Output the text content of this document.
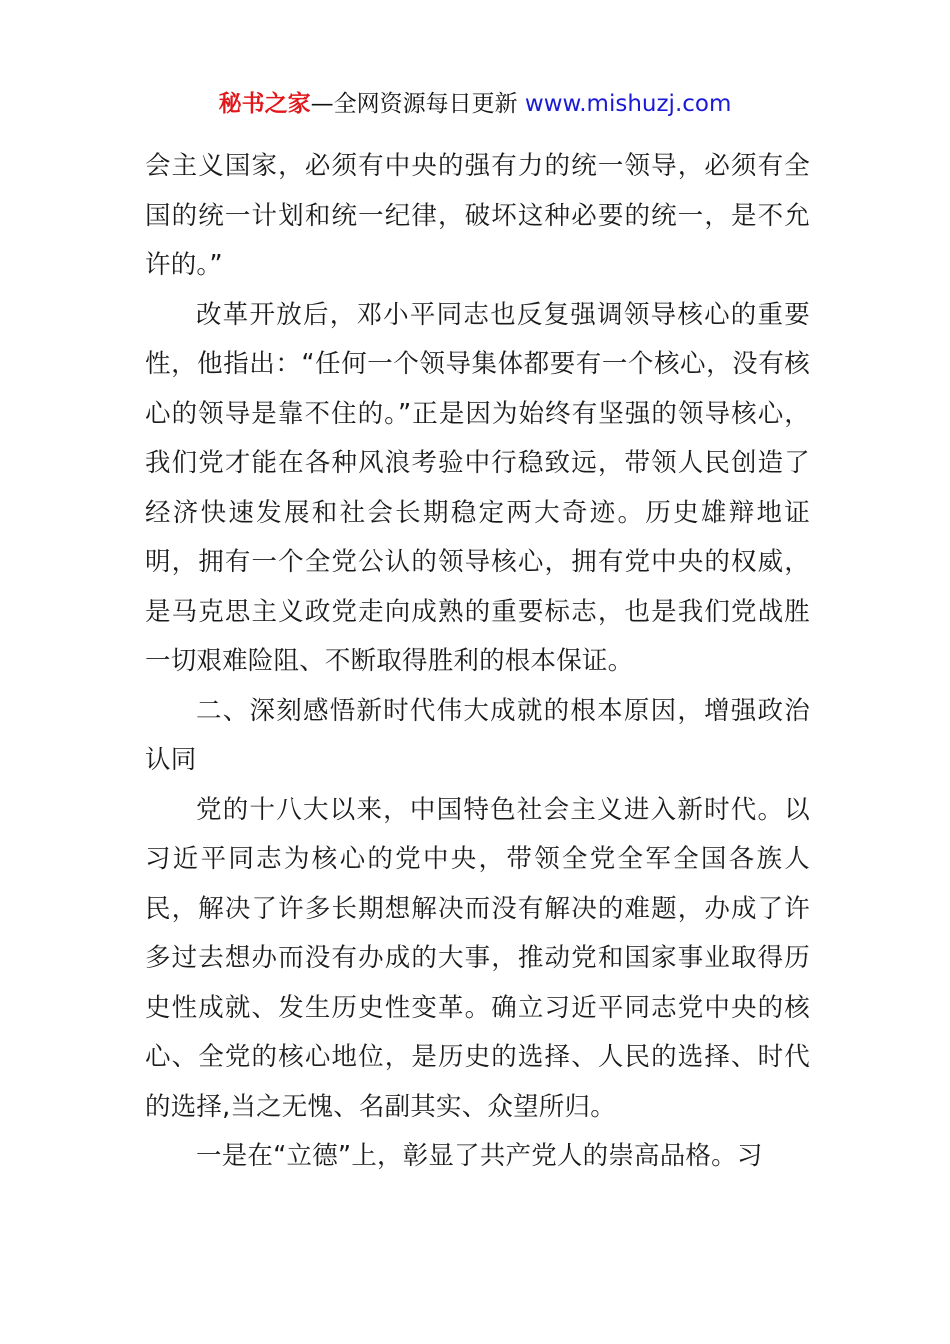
秘书之家—全网资源每日更新 www.mishuzj.com

会主义国家，必须有中央的强有力的统一领导，必须有全国的统一计划和统一纪律，破坏这种必要的统一，是不允许的。”

改革开放后，邓小平同志也反复强调领导核心的重要性，他指出：“任何一个领导集体都要有一个核心，没有核心的领导是靠不住的。”正是因为始终有坚强的领导核心，我们党才能在各种风浪考验中行稳致远，带领人民创造了经济快速发展和社会长期稳定两大奇迹。历史雄辩地证明，拥有一个全党公认的领导核心，拥有党中央的权威，是马克思主义政党走向成熟的重要标志，也是我们党战胜一切艰难险阻、不断取得胜利的根本保证。

二、深刻感悟新时代伟大成就的根本原因，增强政治认同

党的十八大以来，中国特色社会主义进入新时代。以习近平同志为核心的党中央，带领全党全军全国各族人民，解决了许多长期想解决而没有解决的难题，办成了许多过去想办而没有办成的大事，推动党和国家事业取得历史性成就、发生历史性变革。确立习近平同志党中央的核心、全党的核心地位，是历史的选择、人民的选择、时代的选择,当之无愧、名副其实、众望所归。

一是在“立德”上，彰显了共产党人的崇高品格。习
